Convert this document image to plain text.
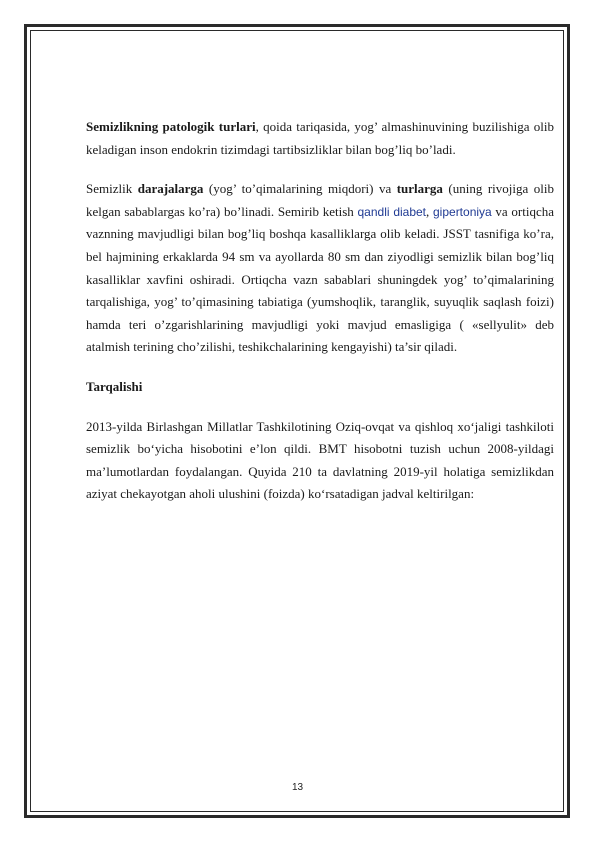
Semizlikning patologik turlari, qoida tariqasida, yog’ almashinuvining buzilishiga olib keladigan inson endokrin tizimdagi tartibsizliklar bilan bog’liq bo’ladi.

Semizlik darajalarga (yog’ to’qimalarining miqdori) va turlarga (uning rivojiga olib kelgan sabablargas ko’ra) bo’linadi. Semirib ketish qandli diabet, gipertoniya va ortiqcha vaznning mavjudligi bilan bog’liq boshqa kasalliklarga olib keladi. JSST tasnifiga ko’ra, bel hajmining erkaklarda 94 sm va ayollarda 80 sm dan ziyodligi semizlik bilan bog’liq kasalliklar xavfini oshiradi. Ortiqcha vazn sabablari shuningdek yog’ to’qimalarining tarqalishiga, yog’ to’qimasining tabiatiga (yumshoqlik, taranglik, suyuqlik saqlash foizi) hamda teri o’zgarishlarining mavjudligi yoki mavjud emasligiga ( «sellyulit» deb atalmish terining cho’zilishi, teshikchalarining kengayishi) ta’sir qiladi.

Tarqalishi

2013-yilda Birlashgan Millatlar Tashkilotining Oziq-ovqat va qishloq xo‘jaligi tashkiloti semizlik bo‘yicha hisobotini e’lon qildi. BMT hisobotni tuzish uchun 2008-yildagi ma’lumotlardan foydalangan. Quyida 210 ta davlatning 2019-yil holatiga semizlikdan aziyat chekayotgan aholi ulushini (foizda) ko‘rsatadigan jadval keltirilgan:

13
